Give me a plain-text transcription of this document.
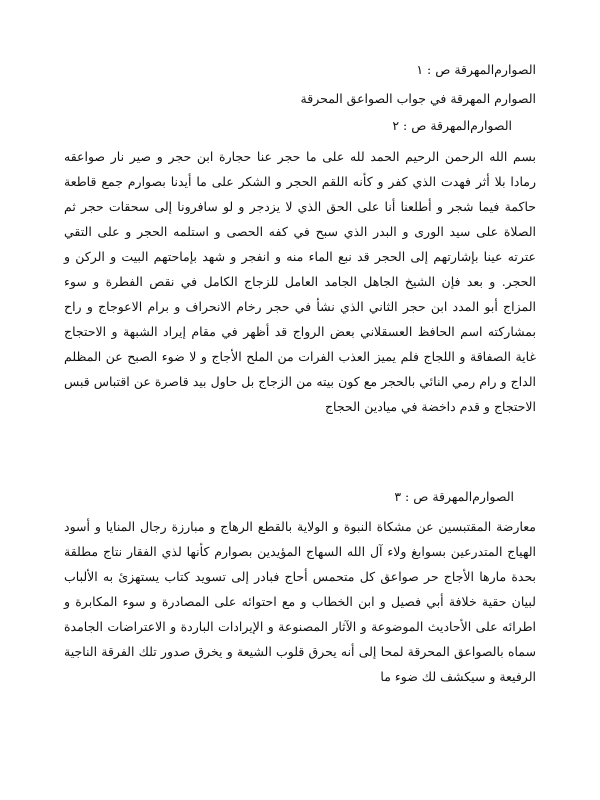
الصوارم‌المهرقة ص : ١
الصوارم المهرقة في جواب الصواعق المحرقة
الصوارم‌المهرقة ص : ٢
بسم الله الرحمن الرحيم الحمد لله على ما حجر عنا حجارة ابن حجر و صير نار صواعقه رمادا بلا أثر فهدت الذي كفر و كأنه اللقم الحجر و الشكر على ما أيدنا بصوارم جمع قاطعة حاكمة فيما شجر و أطلعنا أنا على الحق الذي لا يزدجر و لو سافرونا إلى سحقات حجر ثم الصلاة على سيد الورى و البدر الذي سبح في كفه الحصى و استلمه الحجر و على التقي عترته عينا بإشارتهم إلى الحجر قد نبع الماء منه و انفجر و شهد بإماحتهم البيت و الركن و الحجر. و بعد فإن الشيخ الجاهل الجامد العامل للزجاج الكامل في نقص الفطرة و سوء المزاج أبو المدد ابن حجر الثاني الذي نشأ في حجر رخام الانحراف و برام الاعوجاج و راح بمشاركته اسم الحافظ العسقلاني بعض الرواج قد أظهر في مقام إيراد الشبهة و الاحتجاج غاية الصفاقة و اللجاج فلم يميز العذب الفرات من الملح الأجاج و لا ضوء الصبح عن المظلم الداج و رام رمي النائي بالحجر مع كون بيته من الزجاج بل حاول بيد قاصرة عن اقتباس قبس الاحتجاج و قدم داخضة في ميادين الحجاج
الصوارم‌المهرقة ص : ٣
معارضة المقتبسين عن مشكاة النبوة و الولاية بالقطع الرهاج و مبارزة رجال المنايا و أسود الهياج المتدرعين بسوابغ ولاء آل الله السهاج المؤيدين بصوارم كأنها لذي الفقار نتاج مطلقة بحدة مارها الأجاج حر صواعق كل متحمس أحاج فبادر إلى تسويد كتاب يستهزئ به الألباب لبيان حقية خلافة أبي فصيل و ابن الخطاب و مع احتوائه على المصادرة و سوء المكابرة و اطرائه على الأحاديث الموضوعة و الآثار المصنوعة و الإيرادات الباردة و الاعتراضات الجامدة سماه بالصواعق المحرقة لمحا إلى أنه يحرق قلوب الشيعة و يخرق صدور تلك الفرقة الناجية الرفيعة و سيكشف لك ضوء ما
